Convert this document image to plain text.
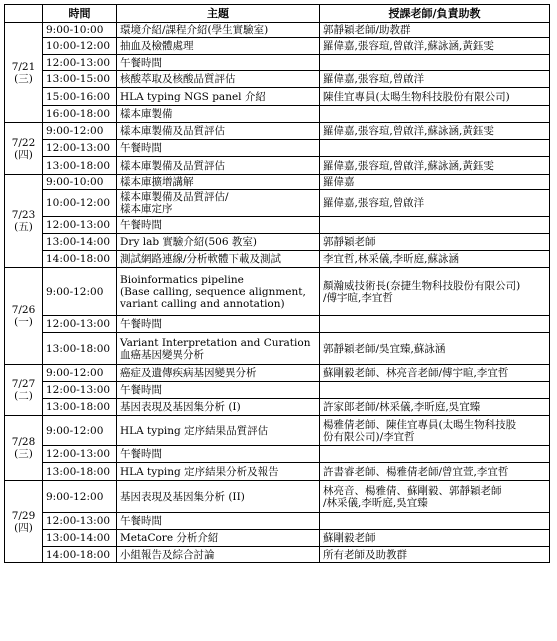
	時間	主題	授課老師/負責助教

7/21
(三)	9:00-10:00	環境介紹/課程介紹(學生實驗室)	郭靜穎老師/助教群

	10:00-12:00	抽血及檢體處理	羅偉嘉,張容瑄,曾啟洋,蘇詠涵,黃鈺雯

	12:00-13:00	午餐時間	

	13:00-15:00	核酸萃取及核酸品質評估	羅偉嘉,張容瑄,曾啟洋

	15:00-16:00	HLA typing NGS panel 介紹	陳佳宜專員(太暘生物科技股份有限公司)

	16:00-18:00	樣本庫製備	

7/22
(四)	9:00-12:00	樣本庫製備及品質評估	羅偉嘉,張容瑄,曾啟洋,蘇詠涵,黃鈺雯

	12:00-13:00	午餐時間	

	13:00-18:00	樣本庫製備及品質評估	羅偉嘉,張容瑄,曾啟洋,蘇詠涵,黃鈺雯

7/23
(五)	9:00-10:00	樣本庫擴增講解	羅偉嘉

	10:00-12:00	樣本庫製備及品質評估/
樣本庫定序	羅偉嘉,張容瑄,曾啟洋

	12:00-13:00	午餐時間	

	13:00-14:00	Dry lab 實驗介紹(506 教室)	郭靜穎老師

	14:00-18:00	測試網路連線/分析軟體下載及測試	李宜哲,林采儀,李昕庭,蘇詠涵

7/26
(一)	9:00-12:00	Bioinformatics pipeline
(Base calling, sequence alignment,
variant calling and annotation)	顏瀚威技術長(奈捷生物科技股份有限公司)
/傅宇暄,李宜哲

	12:00-13:00	午餐時間	

	13:00-18:00	Variant Interpretation and Curation
血癌基因變異分析	郭靜穎老師/吳宜臻,蘇詠涵

7/27
(二)	9:00-12:00	癌症及遺傳疾病基因變異分析	蘇剛毅老師、林亮音老師/傅宇暄,李宜哲

	12:00-13:00	午餐時間	

	13:00-18:00	基因表現及基因集分析 (I)	許家郎老師/林采儀,李昕庭,吳宜臻

7/28
(三)	9:00-12:00	HLA typing 定序結果品質評估	楊雅倩老師、陳佳宜專員(太暘生物科技股
份有限公司)/李宜哲

	12:00-13:00	午餐時間	

	13:00-18:00	HLA typing 定序結果分析及報告	許書睿老師、楊雅倩老師/曾宜萱,李宜哲

7/29
(四)	9:00-12:00	基因表現及基因集分析 (II)	林亮音、楊雅倩、蘇剛毅、郭靜穎老師
/林采儀,李昕庭,吳宜臻

	12:00-13:00	午餐時間	

	13:00-14:00	MetaCore 分析介紹	蘇剛毅老師

	14:00-18:00	小組報告及綜合討論	所有老師及助教群
